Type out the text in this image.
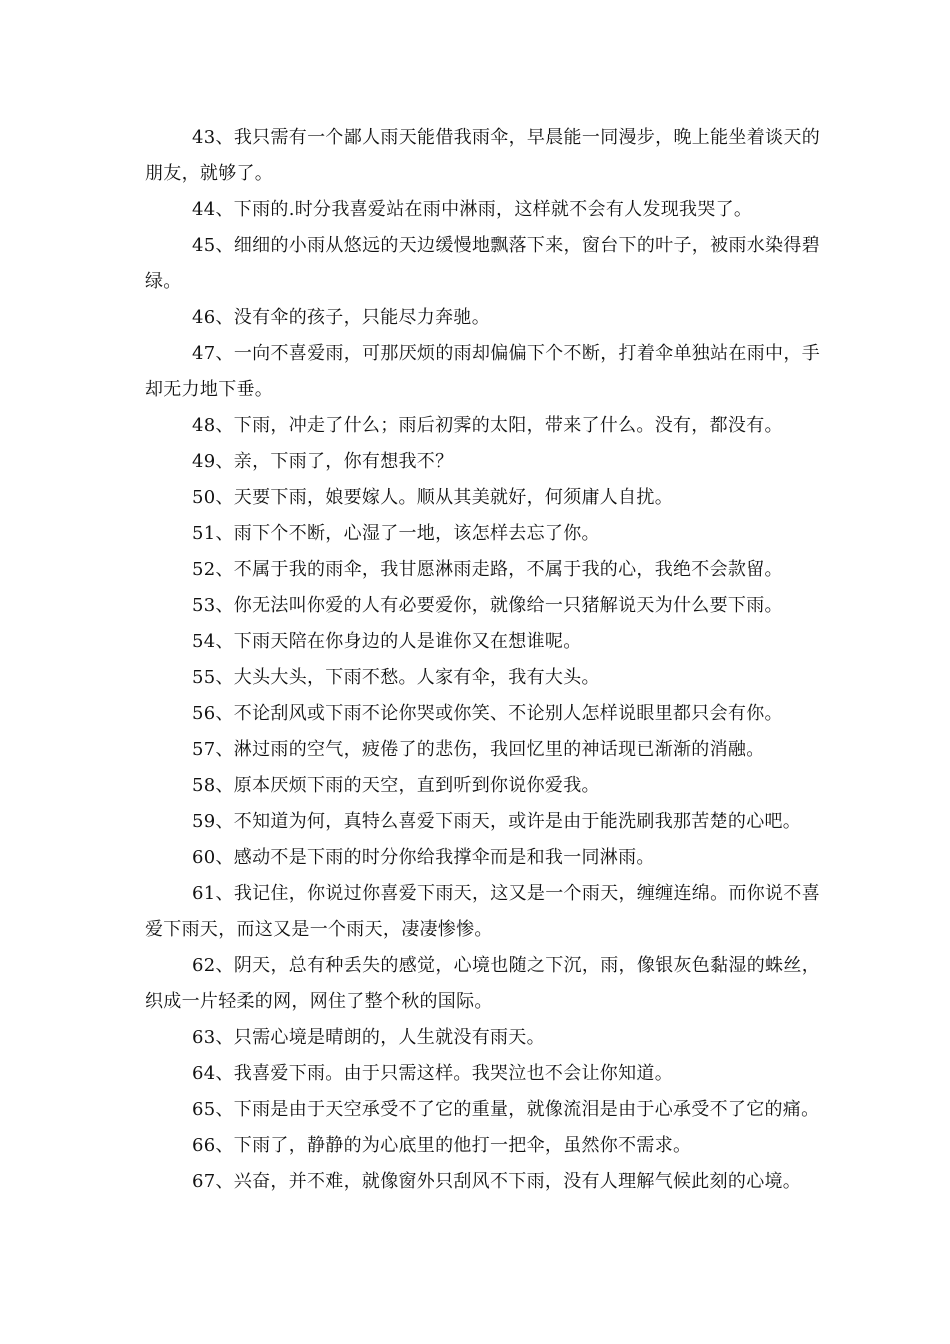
43、我只需有一个鄙人雨天能借我雨伞，早晨能一同漫步，晚上能坐着谈天的朋友，就够了。

44、下雨的.时分我喜爱站在雨中淋雨，这样就不会有人发现我哭了。

45、细细的小雨从悠远的天边缓慢地飘落下来，窗台下的叶子，被雨水染得碧绿。

46、没有伞的孩子，只能尽力奔驰。

47、一向不喜爱雨，可那厌烦的雨却偏偏下个不断，打着伞单独站在雨中，手却无力地下垂。

48、下雨，冲走了什么；雨后初霁的太阳，带来了什么。没有，都没有。

49、亲，下雨了，你有想我不？

50、天要下雨，娘要嫁人。顺从其美就好，何须庸人自扰。

51、雨下个不断，心湿了一地，该怎样去忘了你。

52、不属于我的雨伞，我甘愿淋雨走路，不属于我的心，我绝不会款留。

53、你无法叫你爱的人有必要爱你，就像给一只猪解说天为什么要下雨。

54、下雨天陪在你身边的人是谁你又在想谁呢。

55、大头大头，下雨不愁。人家有伞，我有大头。

56、不论刮风或下雨不论你哭或你笑、不论别人怎样说眼里都只会有你。

57、淋过雨的空气，疲倦了的悲伤，我回忆里的神话现已渐渐的消融。

58、原本厌烦下雨的天空，直到听到你说你爱我。

59、不知道为何，真特么喜爱下雨天，或许是由于能洗刷我那苦楚的心吧。

60、感动不是下雨的时分你给我撑伞而是和我一同淋雨。

61、我记住，你说过你喜爱下雨天，这又是一个雨天，缠缠连绵。而你说不喜爱下雨天，而这又是一个雨天，凄凄惨惨。

62、阴天，总有种丢失的感觉，心境也随之下沉，雨，像银灰色黏湿的蛛丝，织成一片轻柔的网，网住了整个秋的国际。

63、只需心境是晴朗的，人生就没有雨天。

64、我喜爱下雨。由于只需这样。我哭泣也不会让你知道。

65、下雨是由于天空承受不了它的重量，就像流泪是由于心承受不了它的痛。

66、下雨了，静静的为心底里的他打一把伞，虽然你不需求。

67、兴奋，并不难，就像窗外只刮风不下雨，没有人理解气候此刻的心境。
